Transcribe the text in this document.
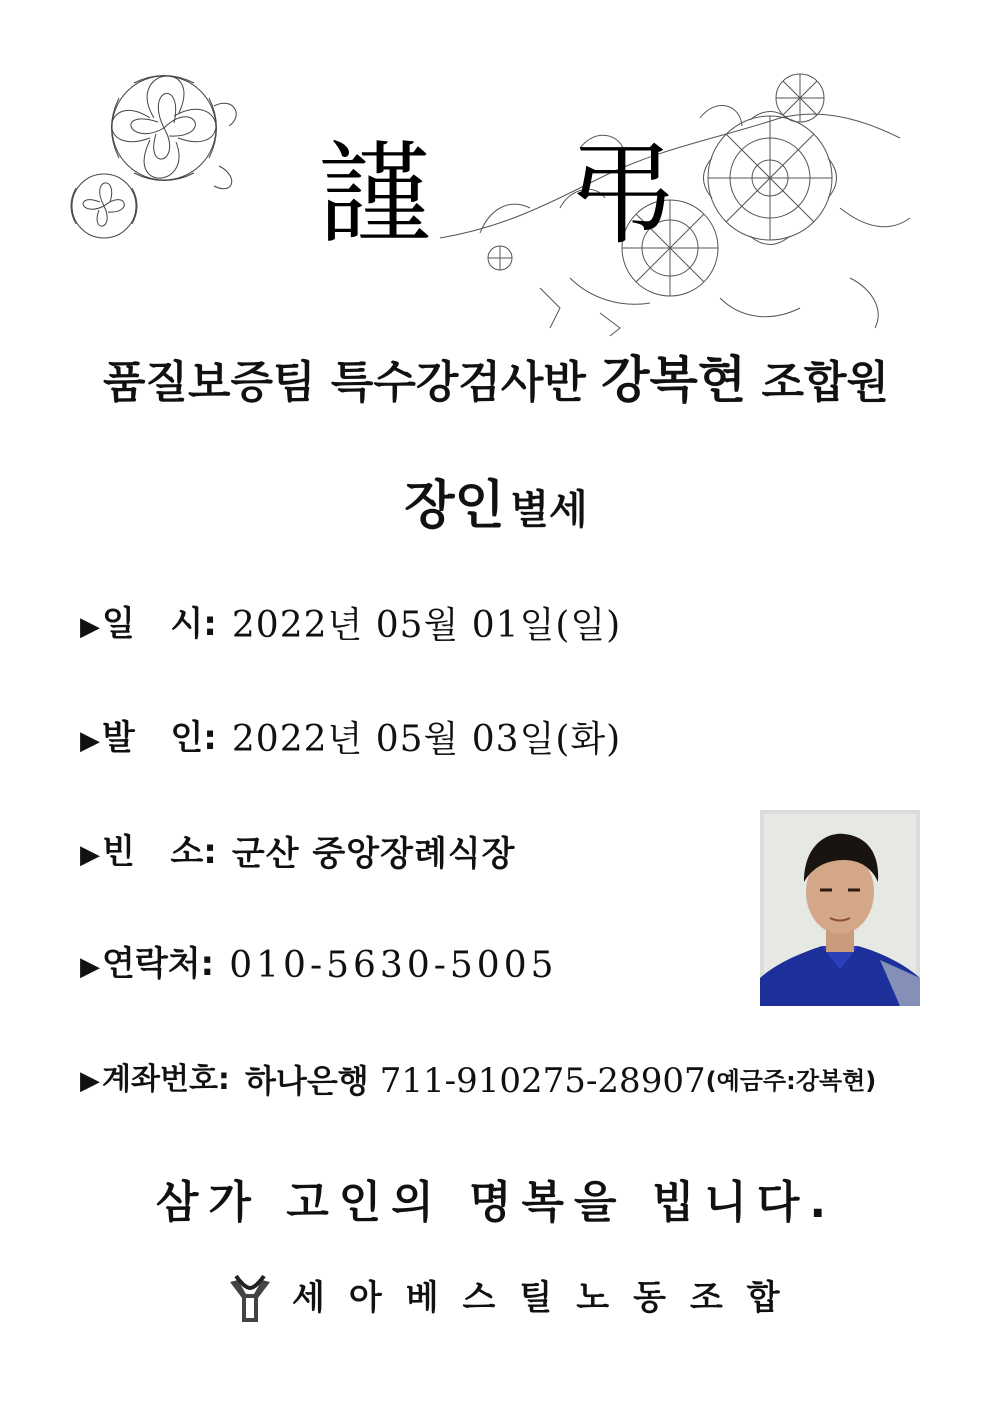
謹 弔
품질보증팀 특수강검사반 강복현 조합원
장인 별세
▶일   시: 2022년 05월 01일(일)
▶발   인: 2022년 05월 03일(화)
▶빈   소: 군산 중앙장례식장
▶연락처: 010-5630-5005
▶계좌번호: 하나은행 711-910275-28907(예금주:강복현)
삼가 고인의 명복을 빕니다.
세아베스틸노동조합
